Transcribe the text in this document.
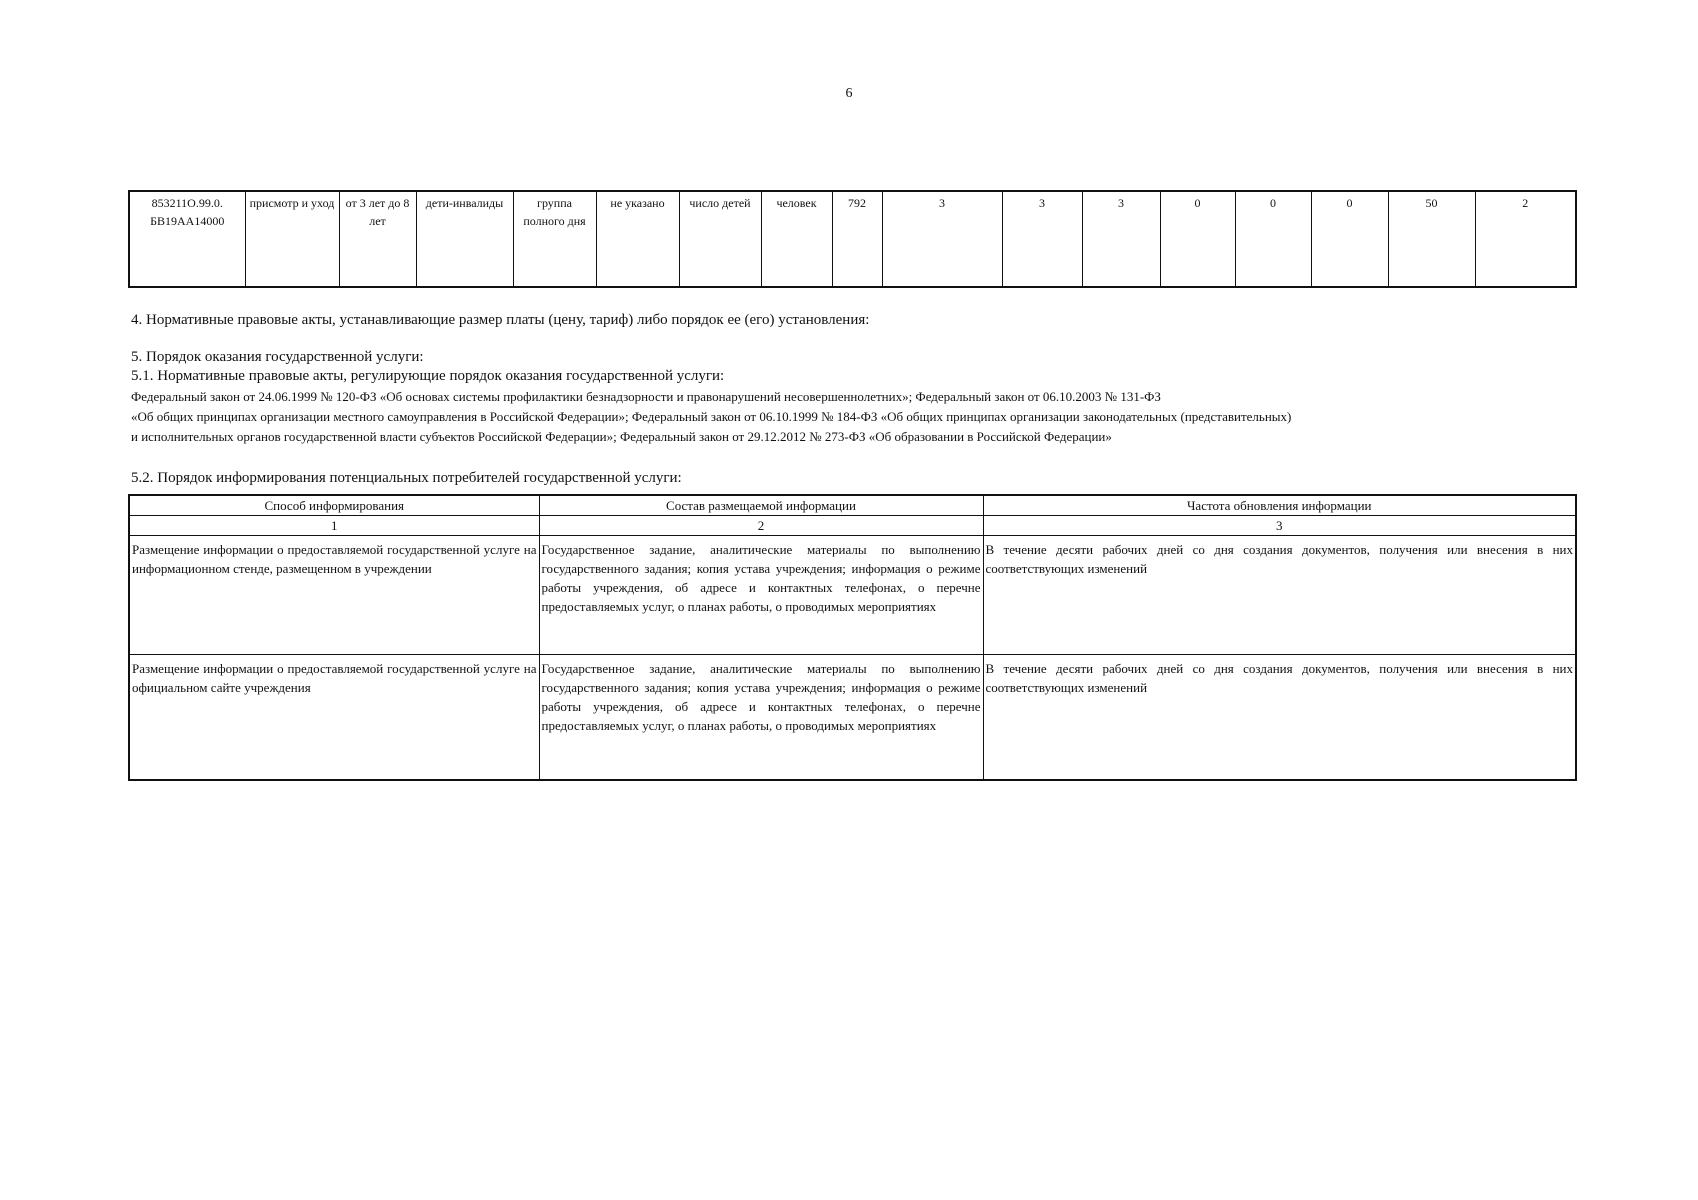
6
853211О.99.0. БВ19АА14000	присмотр и уход	от 3 лет до 8 лет	дети-инвалиды	группа полного дня	не указано	число детей	человек	792	3	3	3	0	0	0	50	2
4. Нормативные правовые акты, устанавливающие размер платы (цену, тариф) либо порядок ее (его) установления:
5. Порядок оказания государственной услуги:
5.1. Нормативные правовые акты, регулирующие порядок оказания государственной услуги:
Федеральный закон от 24.06.1999 № 120-ФЗ «Об основах системы профилактики безнадзорности и правонарушений несовершеннолетних»; Федеральный закон от 06.10.2003 № 131-ФЗ
«Об общих принципах организации местного самоуправления в Российской Федерации»; Федеральный закон от 06.10.1999 № 184-ФЗ «Об общих принципах организации законодательных (представительных)
и исполнительных органов государственной власти субъектов Российской Федерации»; Федеральный закон от 29.12.2012 № 273-ФЗ «Об образовании в Российской Федерации»
5.2. Порядок информирования потенциальных потребителей государственной услуги:
Способ информирования	Состав размещаемой информации	Частота обновления информации
1	2	3
Размещение информации о предоставляемой государственной услуге на информационном стенде, размещенном в учреждении	Государственное задание, аналитические материалы по выполнению государственного задания; копия устава учреждения; информация о режиме работы учреждения, об адресе и контактных телефонах, о перечне предоставляемых услуг, о планах работы, о проводимых мероприятиях	В течение десяти рабочих дней со дня создания документов, получения или внесения в них соответствующих изменений
Размещение информации о предоставляемой государственной услуге на официальном сайте учреждения	Государственное задание, аналитические материалы по выполнению государственного задания; копия устава учреждения; информация о режиме работы учреждения, об адресе и контактных телефонах, о перечне предоставляемых услуг, о планах работы, о проводимых мероприятиях	В течение десяти рабочих дней со дня создания документов, получения или внесения в них соответствующих изменений
